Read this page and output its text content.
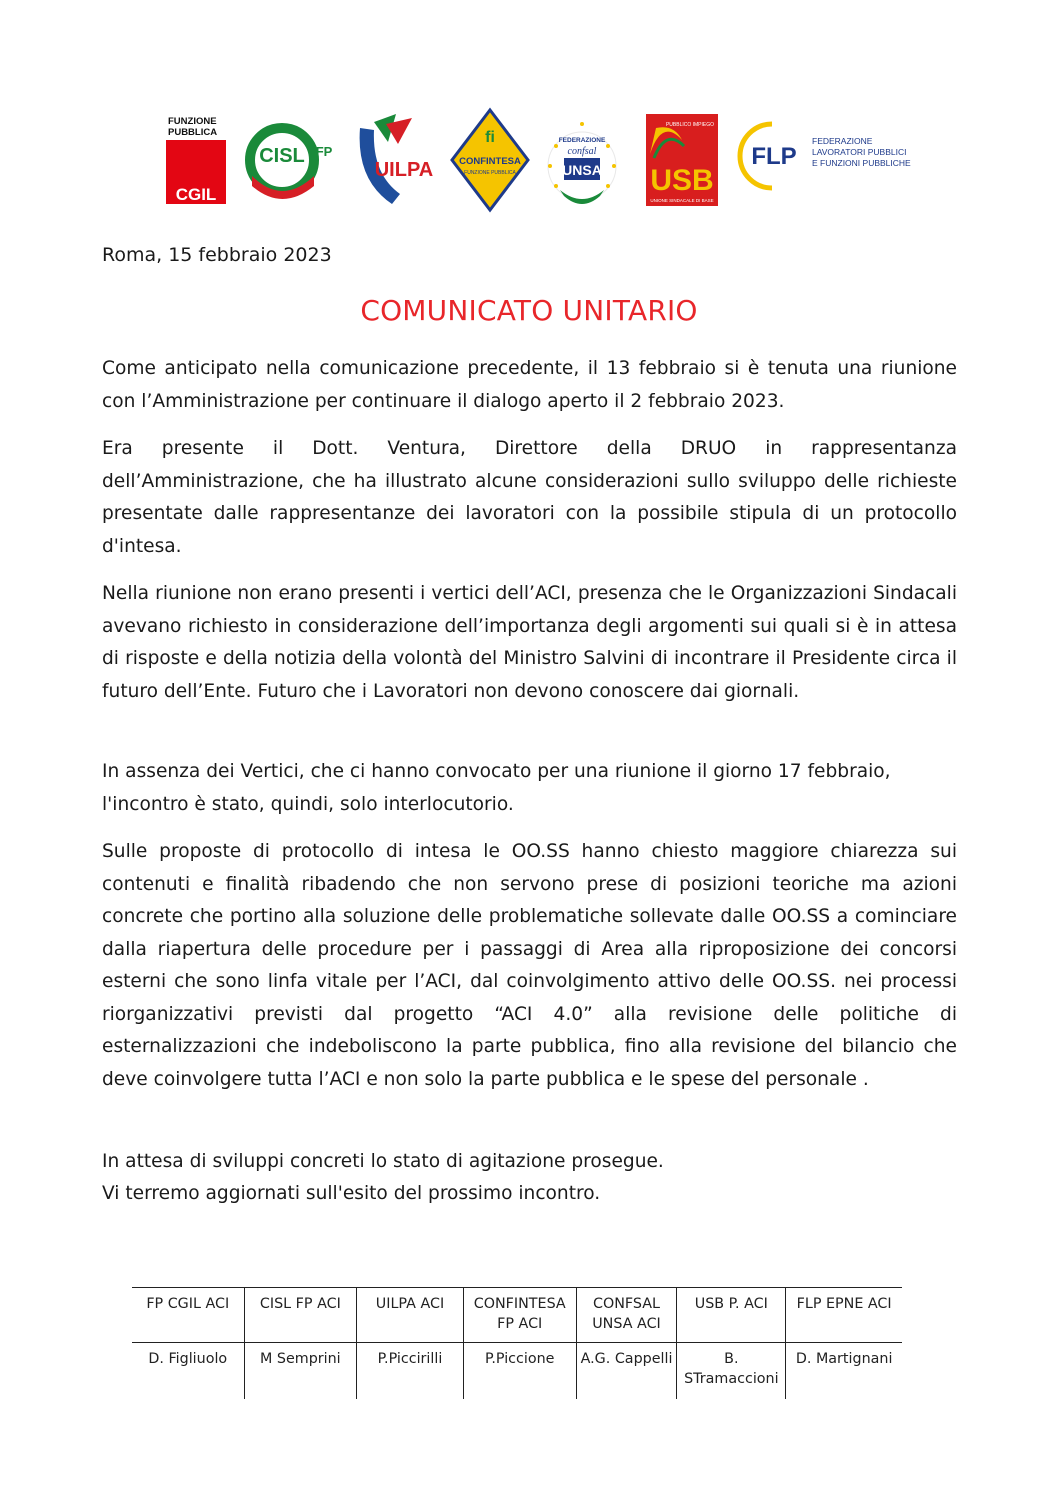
FUNZIONE
PUBBLICA
CGIL
CISL FP
UILPA
ﬁ
CONFINTESA
FUNZIONE PUBBLICA
FEDERAZIONE
confsal
UNSA
PUBBLICO IMPIEGO
USB
UNIONE SINDACALE DI BASE
FLP
FEDERAZIONE
LAVORATORI PUBBLICI
E FUNZIONI PUBBLICHE
Roma, 15 febbraio 2023
COMUNICATO UNITARIO

Come anticipato nella comunicazione precedente, il 13 febbraio si è tenuta una riunione con l’Amministrazione per continuare il dialogo aperto il 2 febbraio 2023.

Era presente il Dott. Ventura, Direttore della DRUO in rappresentanza dell’Amministrazione, che ha illustrato alcune considerazioni sullo sviluppo delle richieste presentate dalle rappresentanze dei lavoratori con la possibile stipula di un protocollo d'intesa.

Nella riunione non erano presenti i vertici dell’ACI, presenza che le Organizzazioni Sindacali avevano richiesto in considerazione dell’importanza degli argomenti sui quali si è in attesa di risposte e della notizia della volontà del Ministro Salvini di incontrare il Presidente circa il futuro dell’Ente. Futuro che i Lavoratori non devono conoscere dai giornali.

In assenza dei Vertici, che ci hanno convocato per una riunione il giorno 17 febbraio, l'incontro è stato, quindi, solo interlocutorio.

Sulle proposte di protocollo di intesa le OO.SS hanno chiesto maggiore chiarezza sui contenuti e finalità ribadendo che non servono prese di posizioni teoriche ma azioni concrete che portino alla soluzione delle problematiche sollevate dalle OO.SS a cominciare dalla riapertura delle procedure per i passaggi di Area alla riproposizione dei concorsi esterni che sono linfa vitale per l’ACI, dal coinvolgimento attivo delle OO.SS. nei processi riorganizzativi previsti dal progetto “ACI 4.0” alla revisione delle politiche di esternalizzazioni che indeboliscono la parte pubblica, fino alla revisione del bilancio che deve coinvolgere tutta l’ACI e non solo la parte pubblica e le spese del personale .

In attesa di sviluppi concreti lo stato di agitazione prosegue.

Vi terremo aggiornati sull'esito del prossimo incontro.

FP CGIL ACI	CISL FP ACI	UILPA ACI	CONFINTESA FP ACI	CONFSAL UNSA ACI	USB P. ACI	FLP EPNE ACI
D. Figliuolo	M Semprini	P.Piccirilli	P.Piccione	A.G. Cappelli	B. STramaccioni	D. Martignani
